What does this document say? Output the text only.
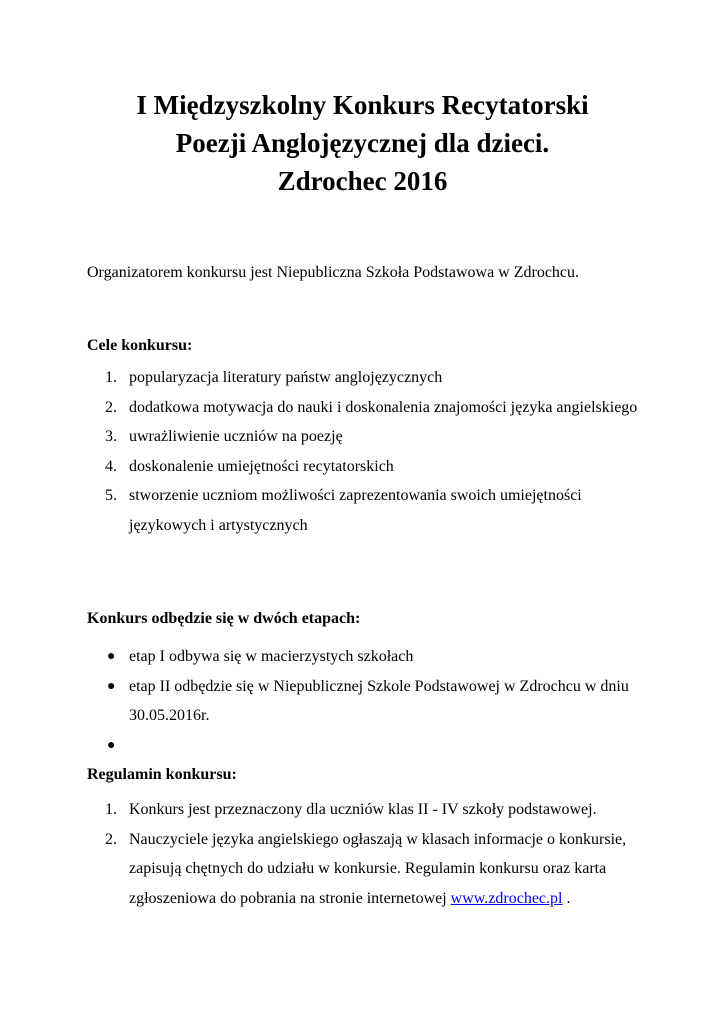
I Międzyszkolny Konkurs Recytatorski
Poezji Anglojęzycznej dla dzieci.
Zdrochec 2016
Organizatorem konkursu jest Niepubliczna Szkoła Podstawowa w Zdrochcu.
Cele konkursu:
1. popularyzacja literatury państw anglojęzycznych
2. dodatkowa motywacja do nauki i doskonalenia znajomości języka angielskiego
3. uwrażliwienie uczniów na poezję
4. doskonalenie umiejętności recytatorskich
5. stworzenie uczniom możliwości zaprezentowania swoich umiejętności językowych i artystycznych
Konkurs odbędzie się w dwóch etapach:
● etap I odbywa się w macierzystych szkołach
● etap II odbędzie się w Niepublicznej Szkole Podstawowej w Zdrochcu w dniu 30.05.2016r.
●

Regulamin konkursu:
1. Konkurs jest przeznaczony dla uczniów klas II - IV szkoły podstawowej.
2. Nauczyciele języka angielskiego ogłaszają w klasach informacje o konkursie, zapisują chętnych do udziału w konkursie. Regulamin konkursu oraz karta zgłoszeniowa do pobrania na stronie internetowej www.zdrochec.pl .
